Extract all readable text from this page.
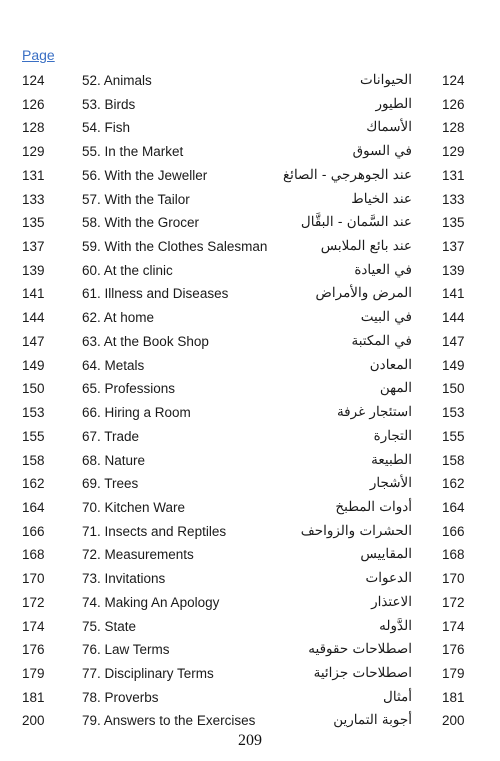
Page
124	52. Animals	الحيوانات 124
126	53. Birds	الطيور 126
128	54. Fish	الأسماك 128
129	55. In the Market	في السوق 129
131	56. With the Jeweller	عند الجوهرجي - الصائغ 131
133	57. With the Tailor	عند الخياط 133
135	58. With the Grocer	عند السَّمان - البقَّال 135
137	59. With the Clothes Salesman	عند بائع الملابس 137
139	60. At the clinic	في العيادة 139
141	61. Illness and Diseases	المرض والأمراض 141
144	62. At home	في البيت 144
147	63. At the Book Shop	في المكتبة 147
149	64. Metals	المعادن 149
150	65. Professions	المهن 150
153	66. Hiring a Room	استئجار غرفة 153
155	67. Trade	التجارة 155
158	68. Nature	الطبيعة 158
162	69. Trees	الأشجار 162
164	70. Kitchen Ware	أدوات المطبخ 164
166	71. Insects and Reptiles	الحشرات والزواحف 166
168	72. Measurements	المقاييس 168
170	73. Invitations	الدعوات 170
172	74. Making An Apology	الاعتذار 172
174	75. State	الدَّوله 174
176	76. Law Terms	اصطلاحات حقوقيه 176
179	77. Disciplinary Terms	اصطلاحات جزائية 179
181	78. Proverbs	أمثال 181
200	79. Answers to the Exercises	أجوبة التمارين 200
209
